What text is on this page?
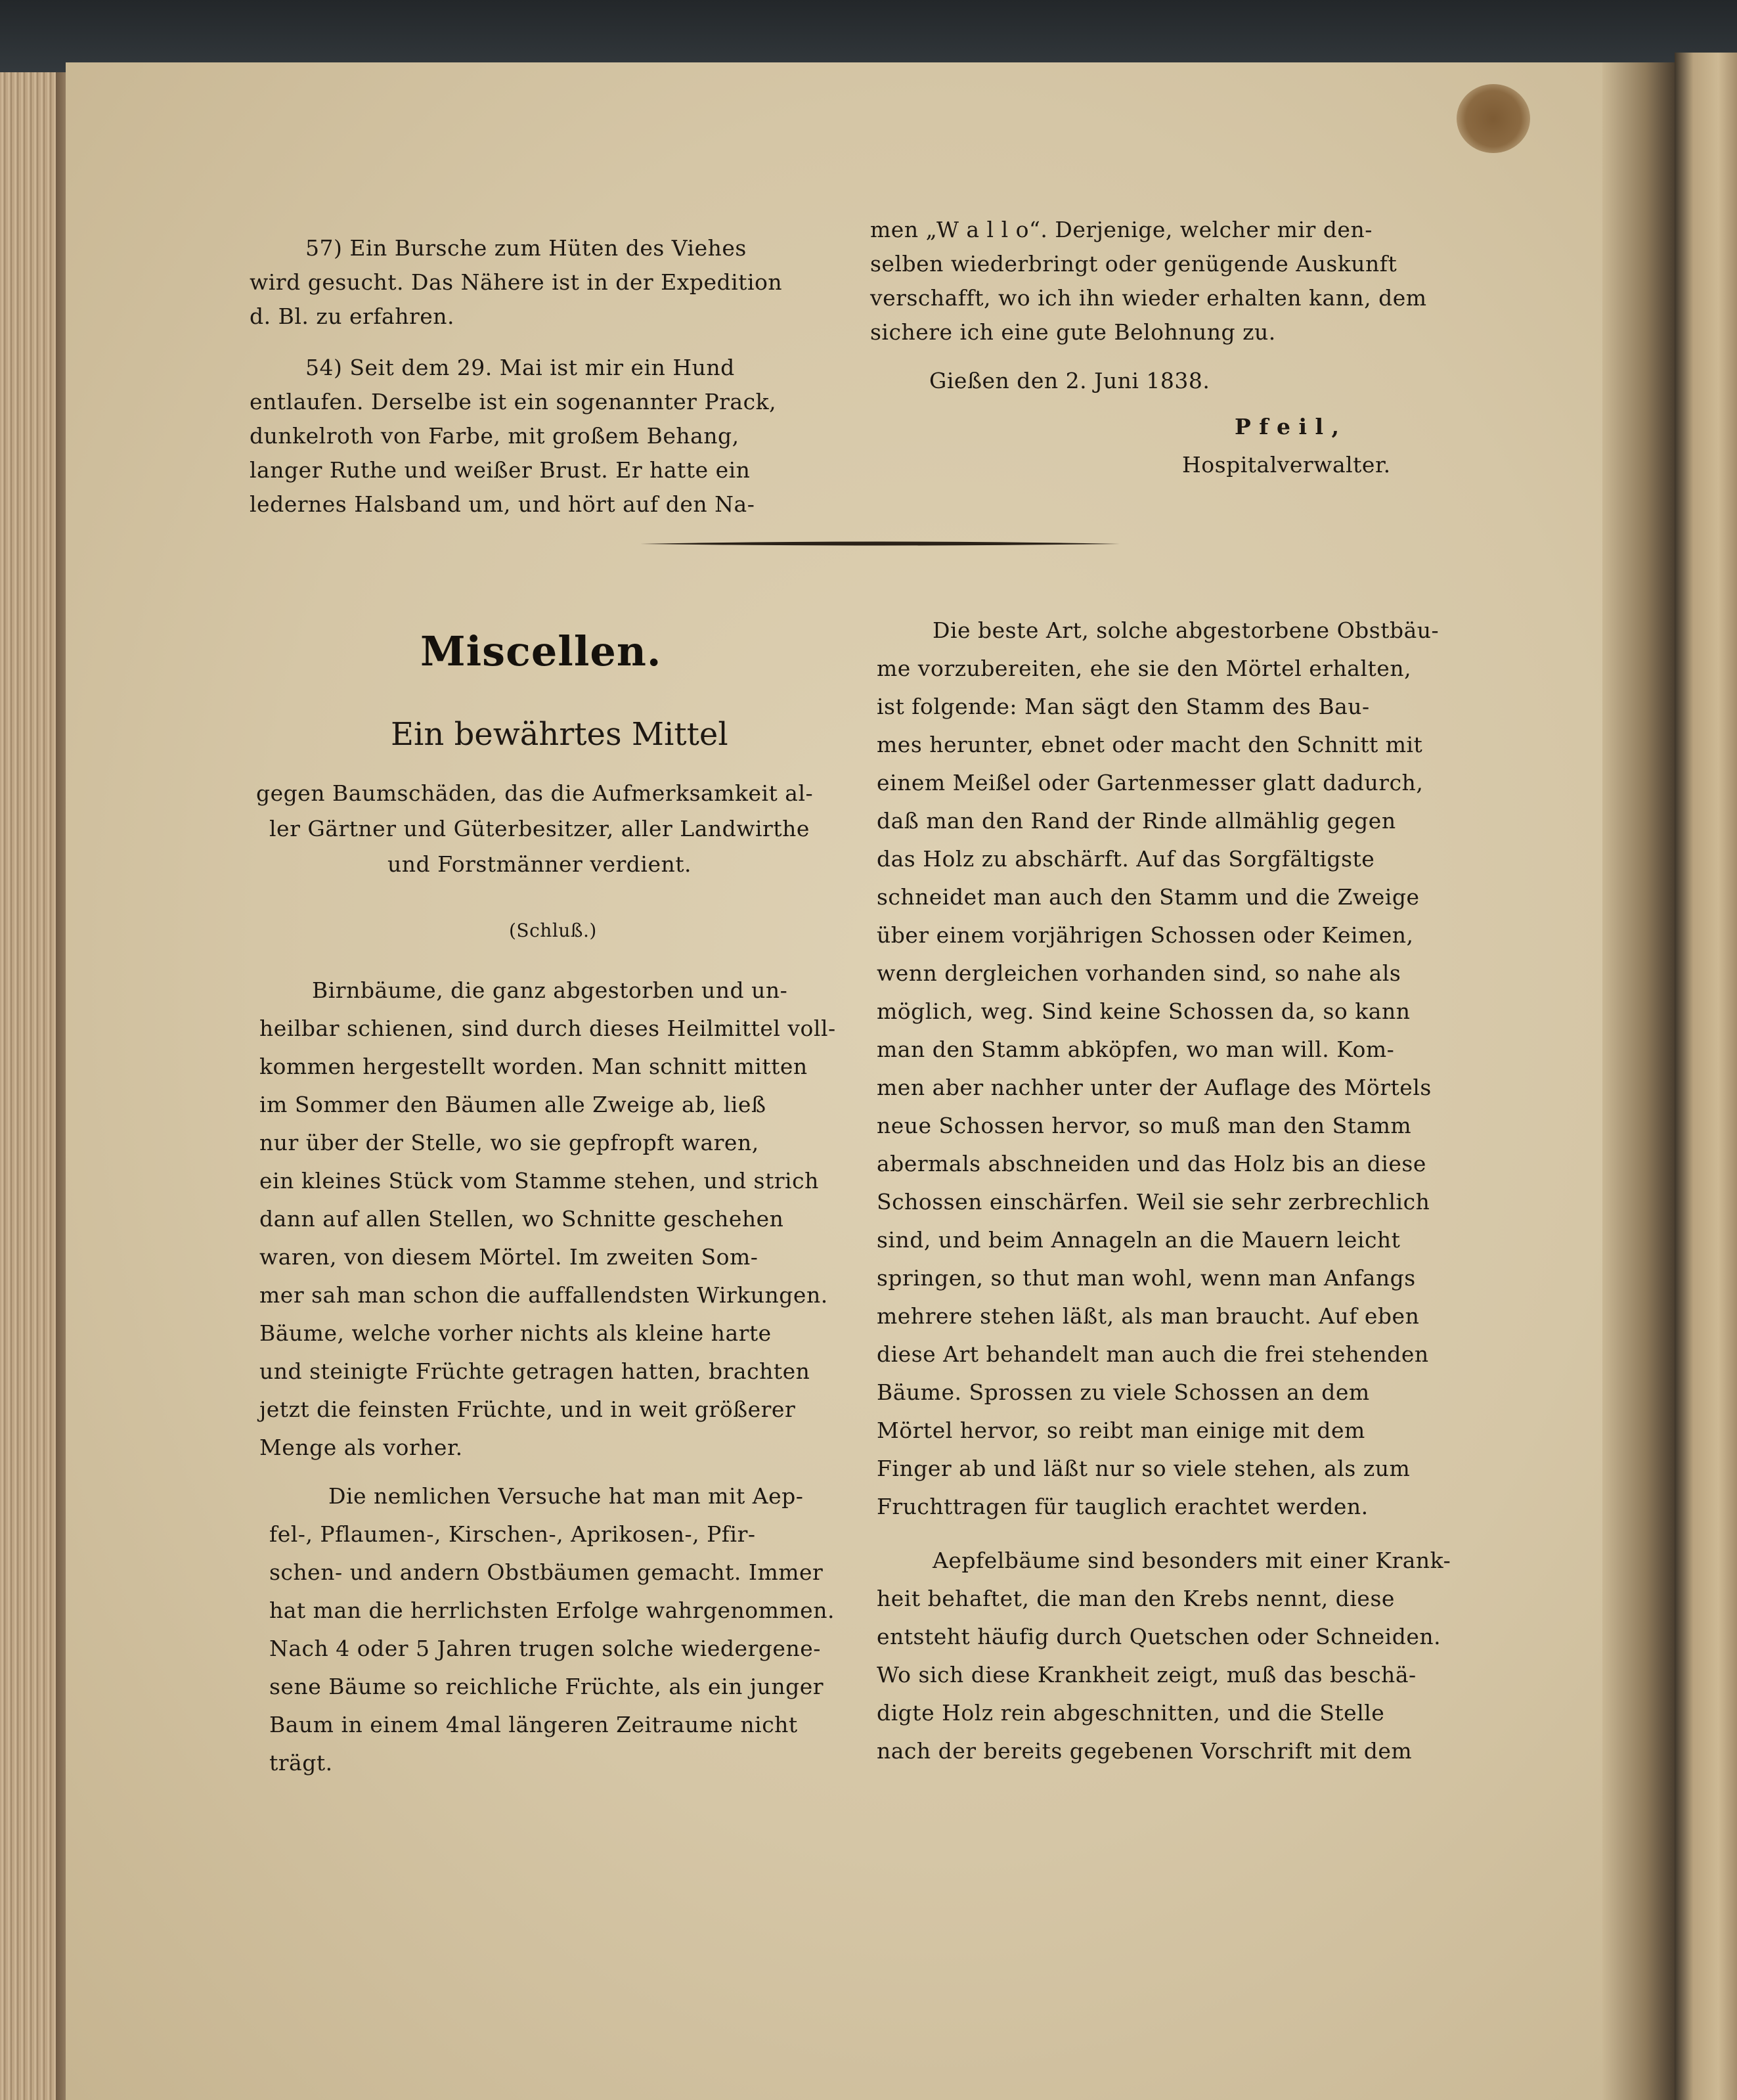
57) Ein Bursche zum Hüten des Viehes
wird gesucht. Das Nähere ist in der Expedition
d. Bl. zu erfahren.
54) Seit dem 29. Mai ist mir ein Hund
entlaufen. Derselbe ist ein sogenannter Prack,
dunkelroth von Farbe, mit großem Behang,
langer Ruthe und weißer Brust. Er hatte ein
ledernes Halsband um, und hört auf den Na-
men „W a l l o“. Derjenige, welcher mir den-
selben wiederbringt oder genügende Auskunft
verschafft, wo ich ihn wieder erhalten kann, dem
sichere ich eine gute Belohnung zu.
Gießen den 2. Juni 1838.
P f e i l ,
Hospitalverwalter.
Miscellen.
Ein bewährtes Mittel
gegen Baumschäden, das die Aufmerksamkeit al-
ler Gärtner und Güterbesitzer, aller Landwirthe
und Forstmänner verdient.
(Schluß.)
Birnbäume, die ganz abgestorben und un-
heilbar schienen, sind durch dieses Heilmittel voll-
kommen hergestellt worden. Man schnitt mitten
im Sommer den Bäumen alle Zweige ab, ließ
nur über der Stelle, wo sie gepfropft waren,
ein kleines Stück vom Stamme stehen, und strich
dann auf allen Stellen, wo Schnitte geschehen
waren, von diesem Mörtel. Im zweiten Som-
mer sah man schon die auffallendsten Wirkungen.
Bäume, welche vorher nichts als kleine harte
und steinigte Früchte getragen hatten, brachten
jetzt die feinsten Früchte, und in weit größerer
Menge als vorher.
Die nemlichen Versuche hat man mit Aep-
fel-, Pflaumen-, Kirschen-, Aprikosen-, Pfir-
schen- und andern Obstbäumen gemacht. Immer
hat man die herrlichsten Erfolge wahrgenommen.
Nach 4 oder 5 Jahren trugen solche wiedergene-
sene Bäume so reichliche Früchte, als ein junger
Baum in einem 4mal längeren Zeitraume nicht
trägt.
Die beste Art, solche abgestorbene Obstbäu-
me vorzubereiten, ehe sie den Mörtel erhalten,
ist folgende: Man sägt den Stamm des Bau-
mes herunter, ebnet oder macht den Schnitt mit
einem Meißel oder Gartenmesser glatt dadurch,
daß man den Rand der Rinde allmählig gegen
das Holz zu abschärft. Auf das Sorgfältigste
schneidet man auch den Stamm und die Zweige
über einem vorjährigen Schossen oder Keimen,
wenn dergleichen vorhanden sind, so nahe als
möglich, weg. Sind keine Schossen da, so kann
man den Stamm abköpfen, wo man will. Kom-
men aber nachher unter der Auflage des Mörtels
neue Schossen hervor, so muß man den Stamm
abermals abschneiden und das Holz bis an diese
Schossen einschärfen. Weil sie sehr zerbrechlich
sind, und beim Annageln an die Mauern leicht
springen, so thut man wohl, wenn man Anfangs
mehrere stehen läßt, als man braucht. Auf eben
diese Art behandelt man auch die frei stehenden
Bäume. Sprossen zu viele Schossen an dem
Mörtel hervor, so reibt man einige mit dem
Finger ab und läßt nur so viele stehen, als zum
Fruchttragen für tauglich erachtet werden.
Aepfelbäume sind besonders mit einer Krank-
heit behaftet, die man den Krebs nennt, diese
entsteht häufig durch Quetschen oder Schneiden.
Wo sich diese Krankheit zeigt, muß das beschä-
digte Holz rein abgeschnitten, und die Stelle
nach der bereits gegebenen Vorschrift mit dem
